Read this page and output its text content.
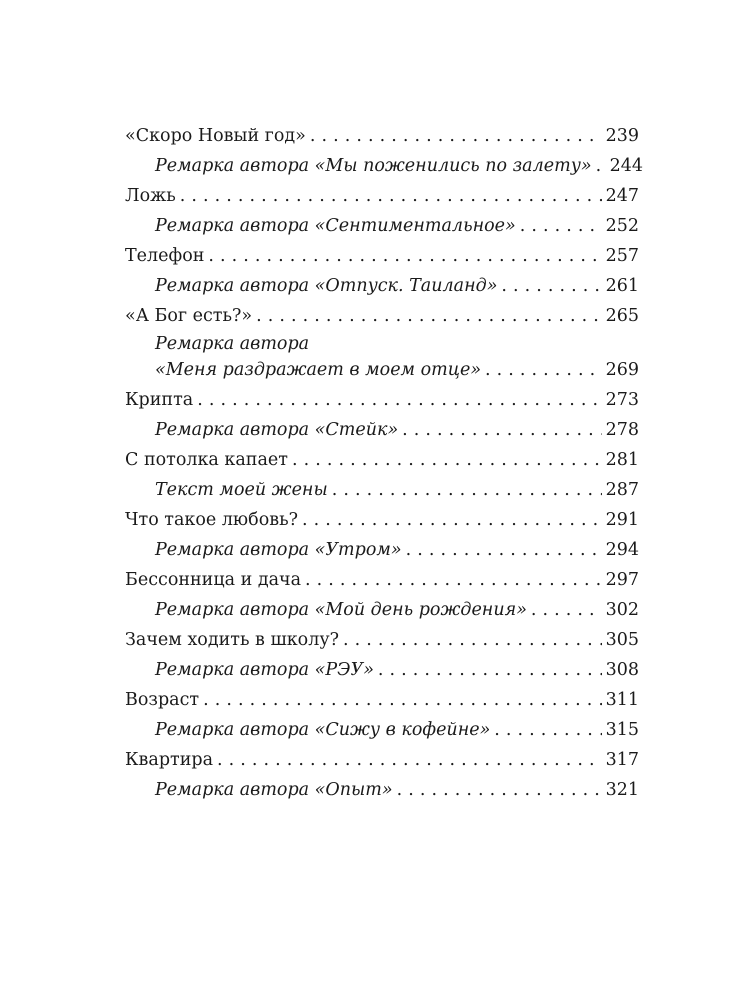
«Скоро Новый год» . . .	239
Ремарка автора «Мы поженились по залету» . . . 244
Ложь . . .	247
Ремарка автора «Сентиментальное» . . .	252
Телефон . . .	257
Ремарка автора «Отпуск. Таиланд» . . .	261
«А Бог есть?» . . .	265
Ремарка автора
«Меня раздражает в моем отце» . . .	269
Крипта . . .	273
Ремарка автора «Стейк» . . .	278
С потолка капает . . .	281
Текст моей жены . . .	287
Что такое любовь? . . .	291
Ремарка автора «Утром» . . .	294
Бессонница и дача . . .	297
Ремарка автора «Мой день рождения» . . .	302
Зачем ходить в школу? . . .	305
Ремарка автора «РЭУ» . . .	308
Возраст . . .	311
Ремарка автора «Сижу в кофейне» . . .	315
Квартира . . .	317
Ремарка автора «Опыт» . . .	321
